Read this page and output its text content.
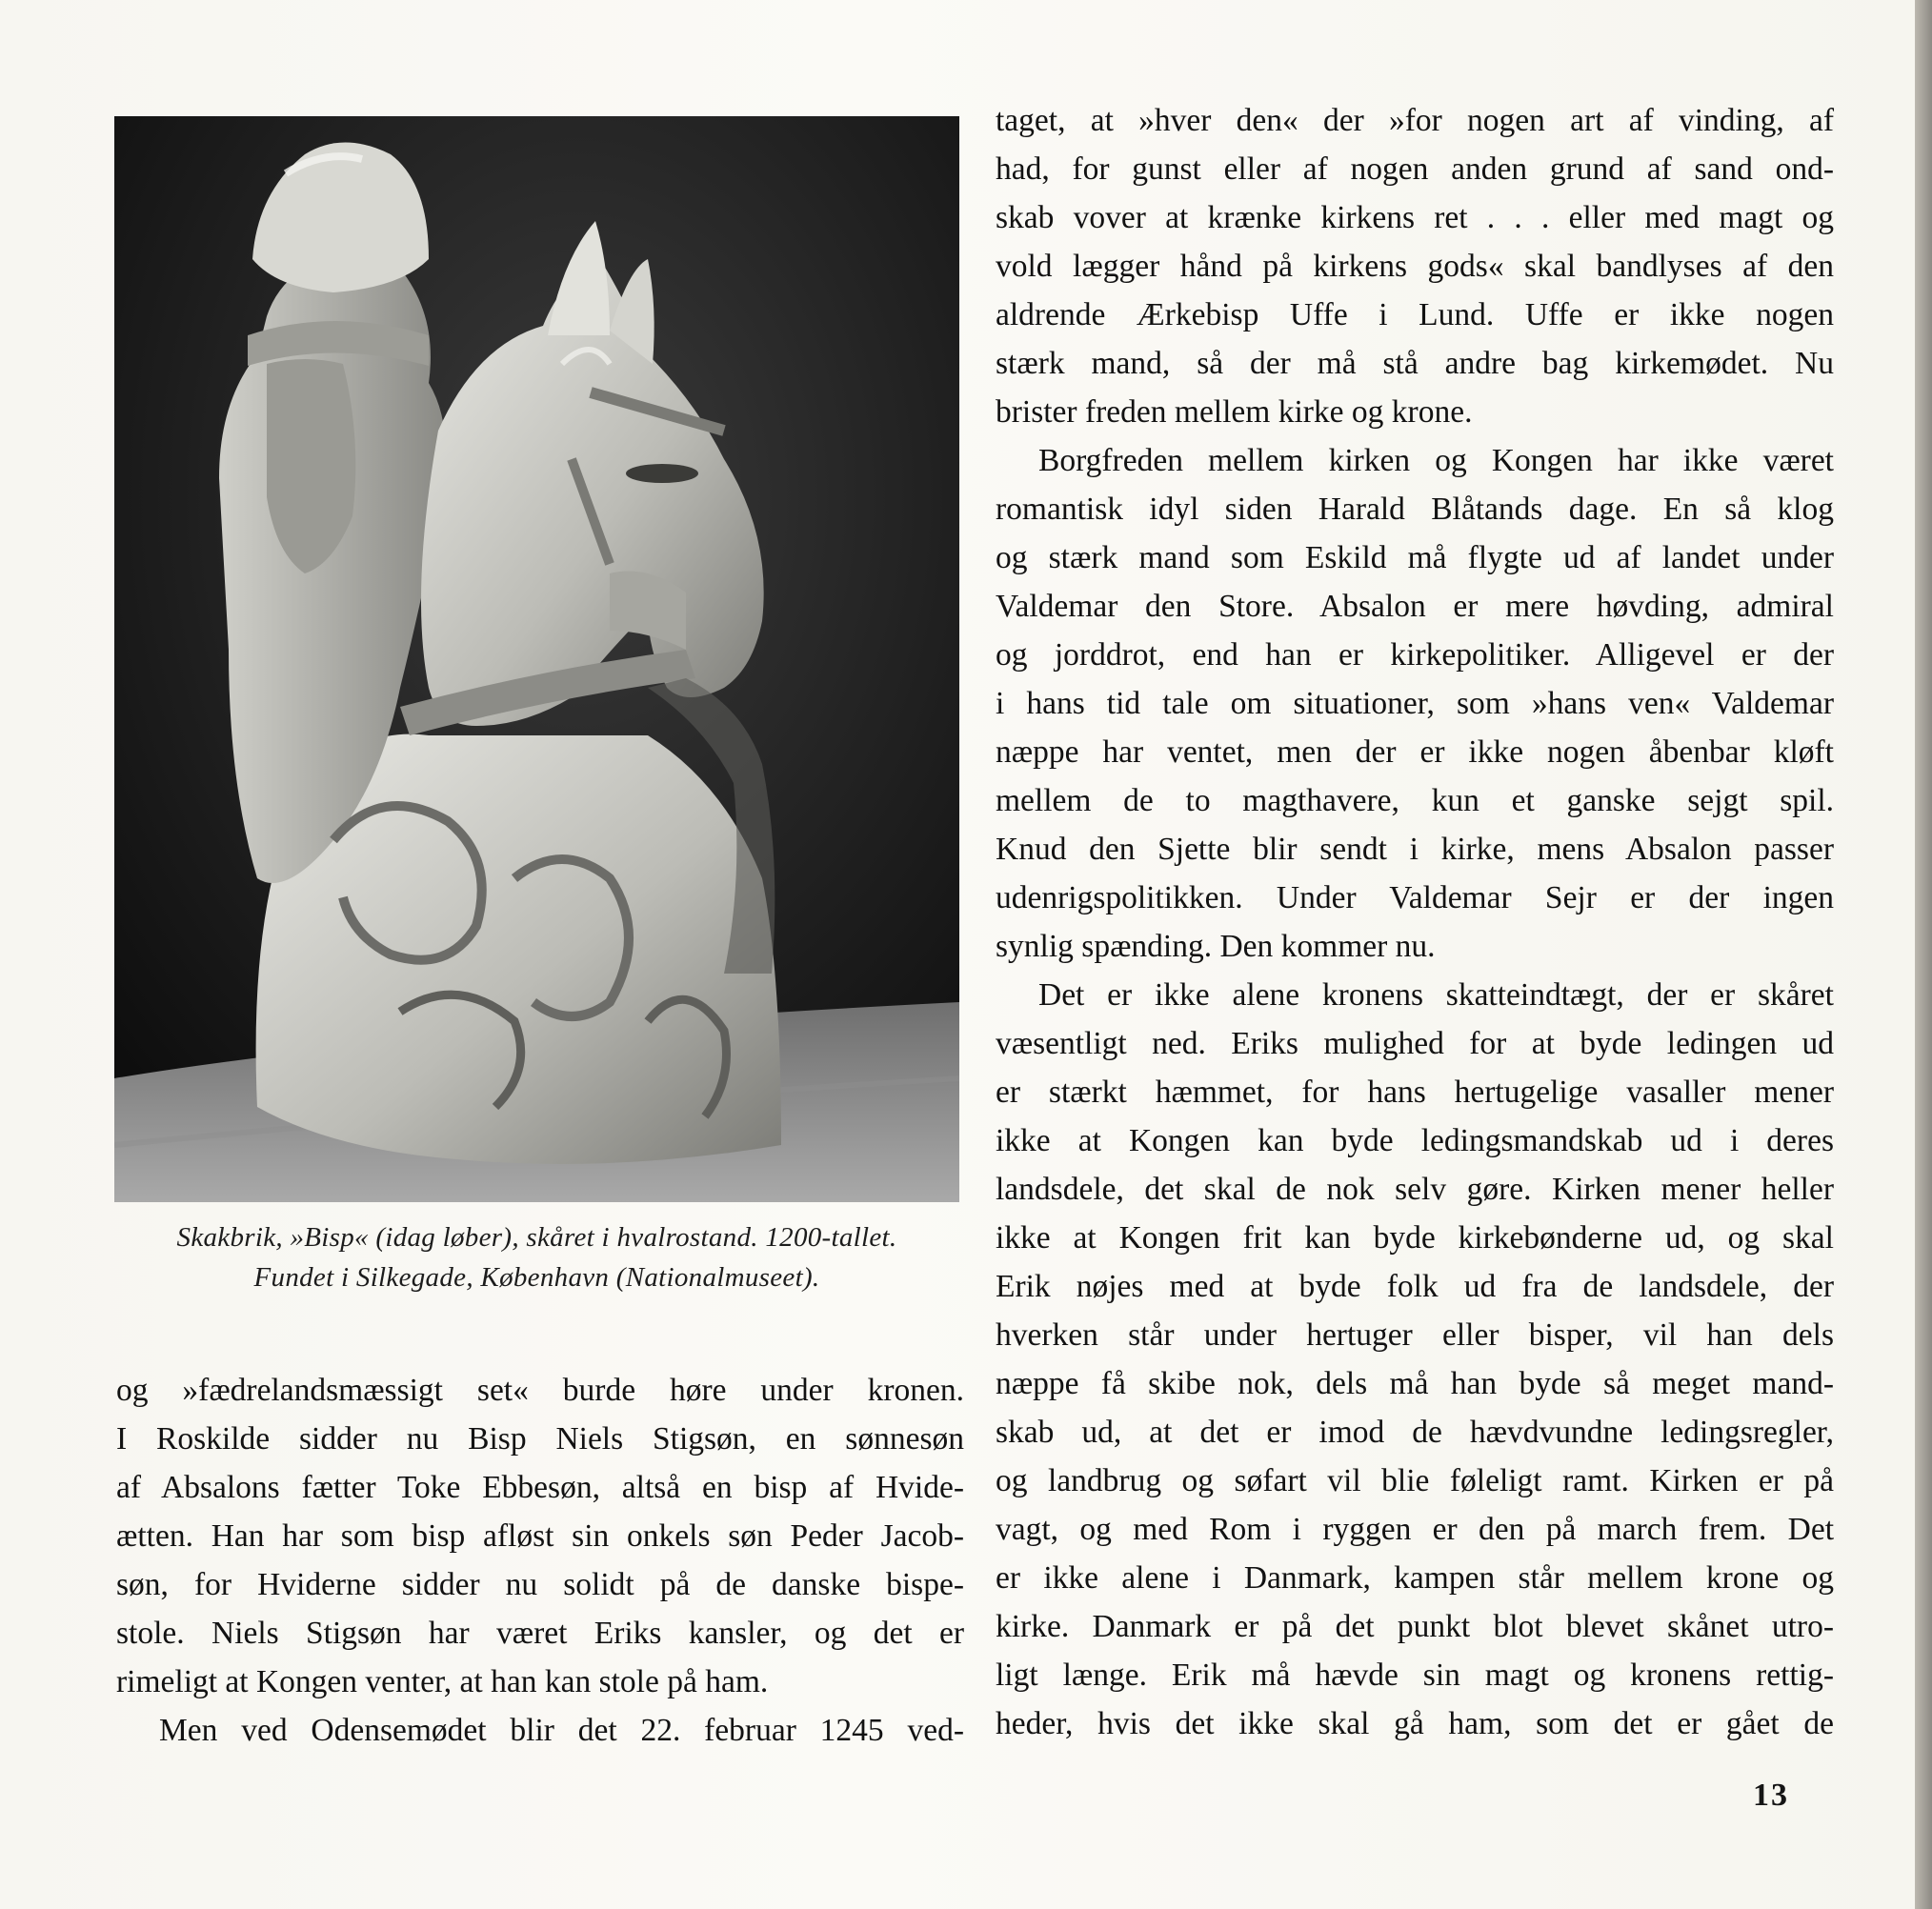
Skakbrik, »Bisp« (idag løber), skåret i hvalrostand. 1200-tallet.
Fundet i Silkegade, København (Nationalmuseet).
og »fædrelandsmæssigt set« burde høre under kronen.
I Roskilde sidder nu Bisp Niels Stigsøn, en sønnesøn
af Absalons fætter Toke Ebbesøn, altså en bisp af Hvide-
ætten. Han har som bisp afløst sin onkels søn Peder Jacob-
søn, for Hviderne sidder nu solidt på de danske bispe-
stole. Niels Stigsøn har været Eriks kansler, og det er
rimeligt at Kongen venter, at han kan stole på ham.
Men ved Odensemødet blir det 22. februar 1245 ved-
taget, at »hver den« der »for nogen art af vinding, af
had, for gunst eller af nogen anden grund af sand ond-
skab vover at krænke kirkens ret . . . eller med magt og
vold lægger hånd på kirkens gods« skal bandlyses af den
aldrende Ærkebisp Uffe i Lund. Uffe er ikke nogen
stærk mand, så der må stå andre bag kirkemødet. Nu
brister freden mellem kirke og krone.
Borgfreden mellem kirken og Kongen har ikke været
romantisk idyl siden Harald Blåtands dage. En så klog
og stærk mand som Eskild må flygte ud af landet under
Valdemar den Store. Absalon er mere høvding, admiral
og jorddrot, end han er kirkepolitiker. Alligevel er der
i hans tid tale om situationer, som »hans ven« Valdemar
næppe har ventet, men der er ikke nogen åbenbar kløft
mellem de to magthavere, kun et ganske sejgt spil.
Knud den Sjette blir sendt i kirke, mens Absalon passer
udenrigspolitikken. Under Valdemar Sejr er der ingen
synlig spænding. Den kommer nu.
Det er ikke alene kronens skatteindtægt, der er skåret
væsentligt ned. Eriks mulighed for at byde ledingen ud
er stærkt hæmmet, for hans hertugelige vasaller mener
ikke at Kongen kan byde ledingsmandskab ud i deres
landsdele, det skal de nok selv gøre. Kirken mener heller
ikke at Kongen frit kan byde kirkebønderne ud, og skal
Erik nøjes med at byde folk ud fra de landsdele, der
hverken står under hertuger eller bisper, vil han dels
næppe få skibe nok, dels må han byde så meget mand-
skab ud, at det er imod de hævdvundne ledingsregler,
og landbrug og søfart vil blie føleligt ramt. Kirken er på
vagt, og med Rom i ryggen er den på march frem. Det
er ikke alene i Danmark, kampen står mellem krone og
kirke. Danmark er på det punkt blot blevet skånet utro-
ligt længe. Erik må hævde sin magt og kronens rettig-
heder, hvis det ikke skal gå ham, som det er gået de
13
